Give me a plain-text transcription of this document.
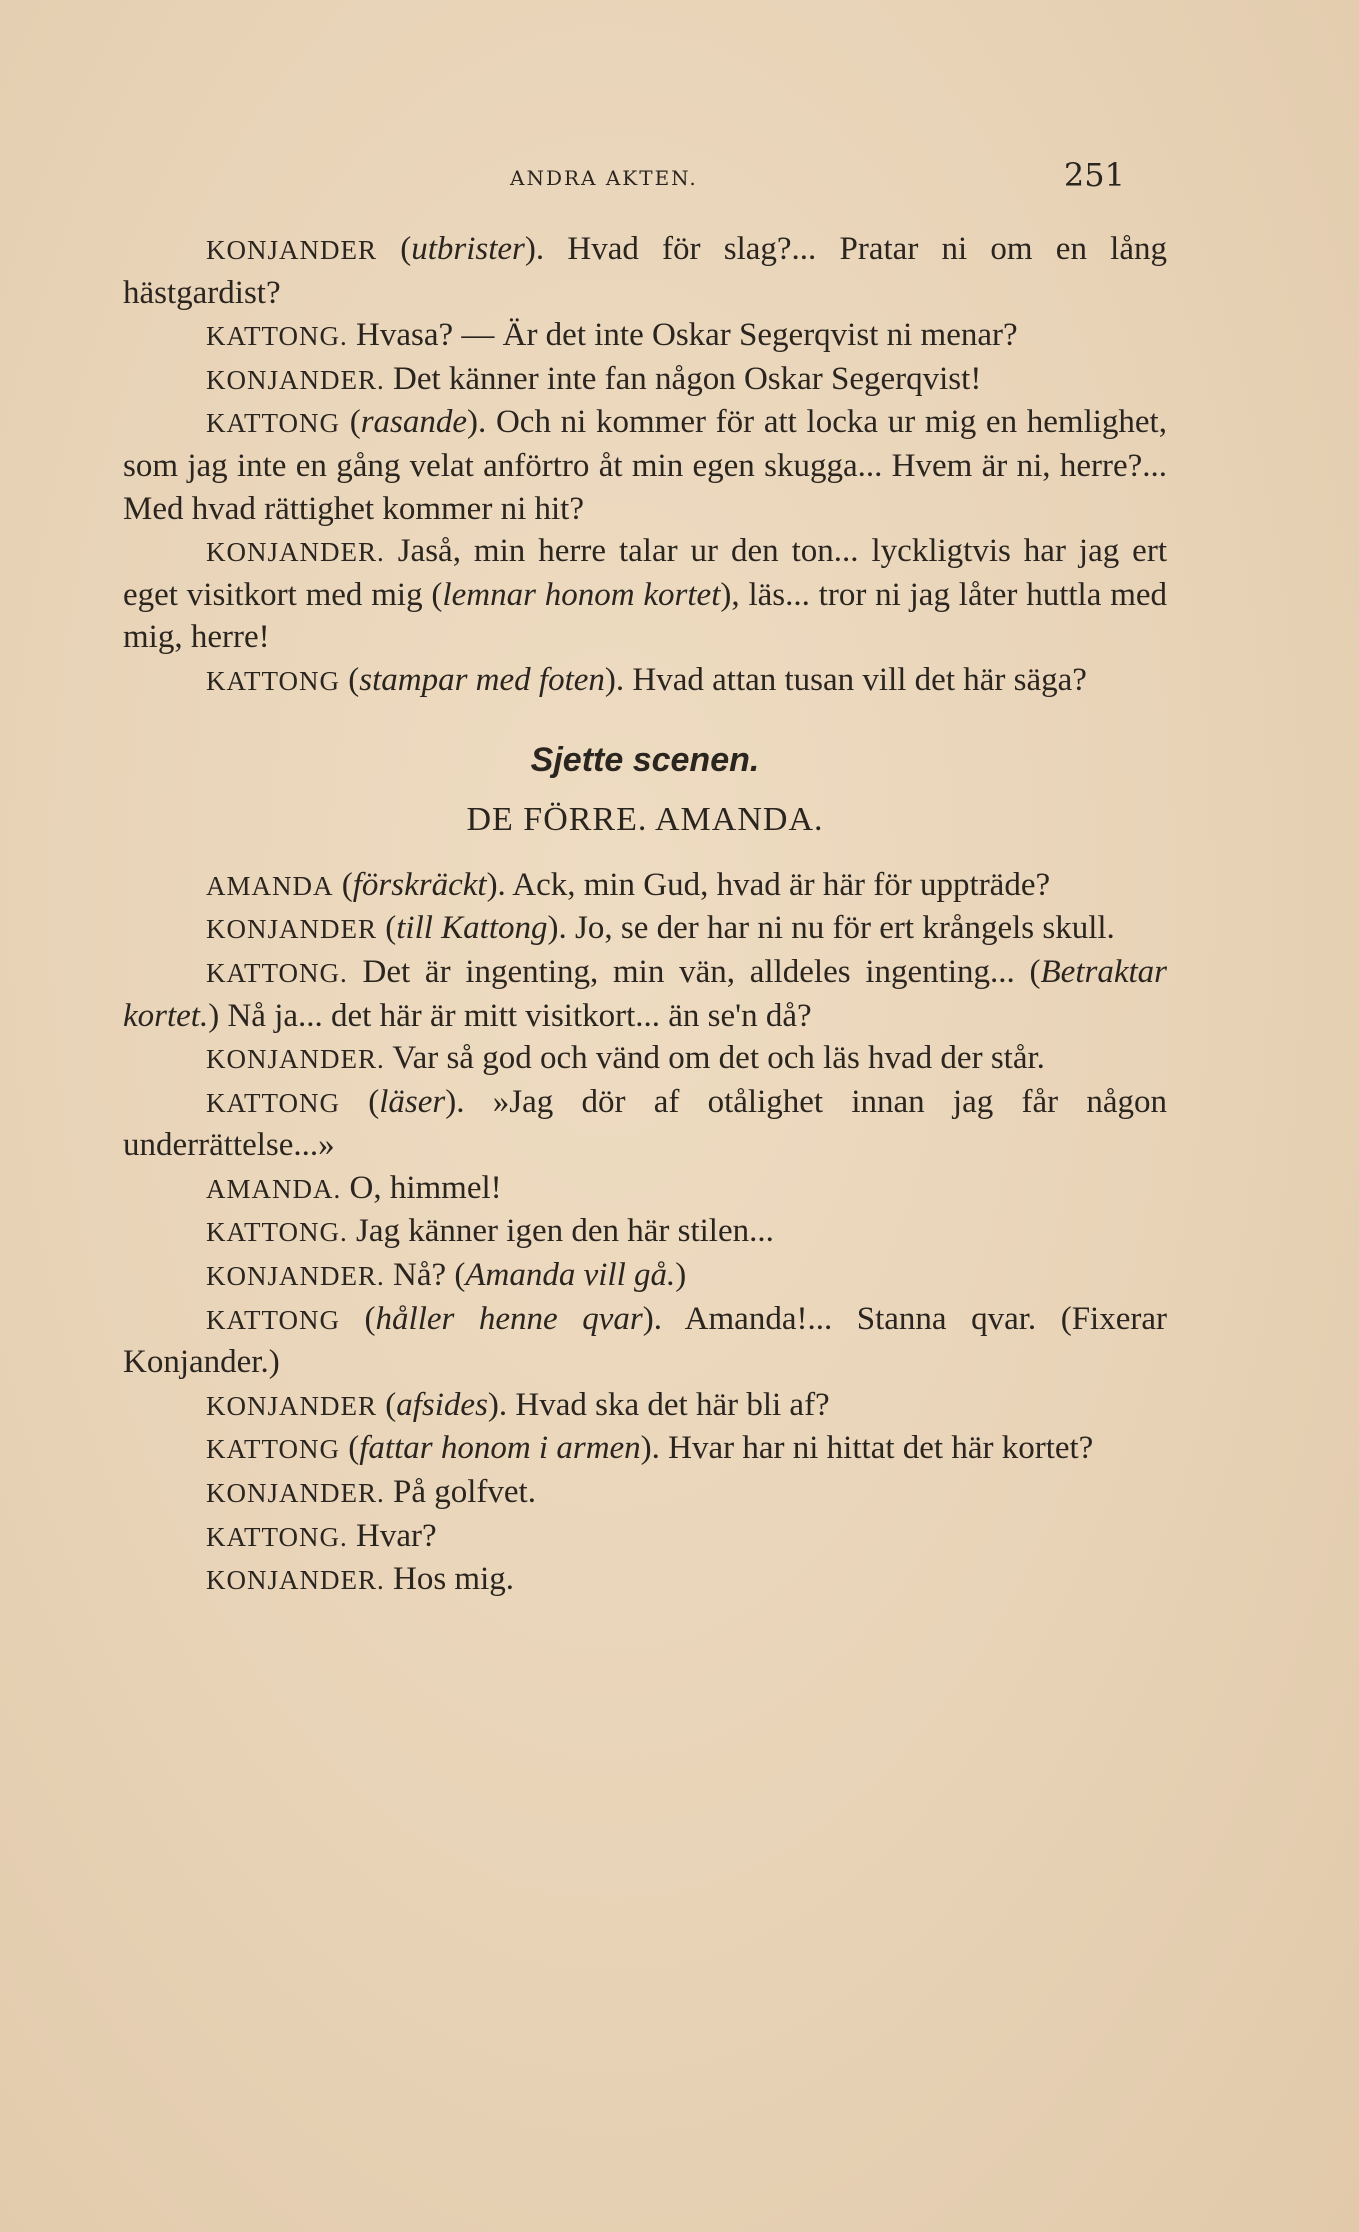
ANDRA AKTEN.	251

KONJANDER (utbrister). Hvad för slag?... Pratar ni om en lång hästgardist?

KATTONG. Hvasa? — Är det inte Oskar Segerqvist ni menar?

KONJANDER. Det känner inte fan någon Oskar Segerqvist!

KATTONG (rasande). Och ni kommer för att locka ur mig en hemlighet, som jag inte en gång velat anförtro åt min egen skugga... Hvem är ni, herre?... Med hvad rättighet kommer ni hit?

KONJANDER. Jaså, min herre talar ur den ton... lyckligtvis har jag ert eget visitkort med mig (lemnar honom kortet), läs... tror ni jag låter huttla med mig, herre!

KATTONG (stampar med foten). Hvad attan tusan vill det här säga?

Sjette scenen.

DE FÖRRE. AMANDA.

AMANDA (förskräckt). Ack, min Gud, hvad är här för uppträde?

KONJANDER (till Kattong). Jo, se der har ni nu för ert krångels skull.

KATTONG. Det är ingenting, min vän, alldeles ingenting... (Betraktar kortet.) Nå ja... det här är mitt visitkort... än se'n då?

KONJANDER. Var så god och vänd om det och läs hvad der står.

KATTONG (läser). »Jag dör af otålighet innan jag får någon underrättelse...»

AMANDA. O, himmel!

KATTONG. Jag känner igen den här stilen...

KONJANDER. Nå? (Amanda vill gå.)

KATTONG (håller henne qvar). Amanda!... Stanna qvar. (Fixerar Konjander.)

KONJANDER (afsides). Hvad ska det här bli af?

KATTONG (fattar honom i armen). Hvar har ni hittat det här kortet?

KONJANDER. På golfvet.

KATTONG. Hvar?

KONJANDER. Hos mig.
